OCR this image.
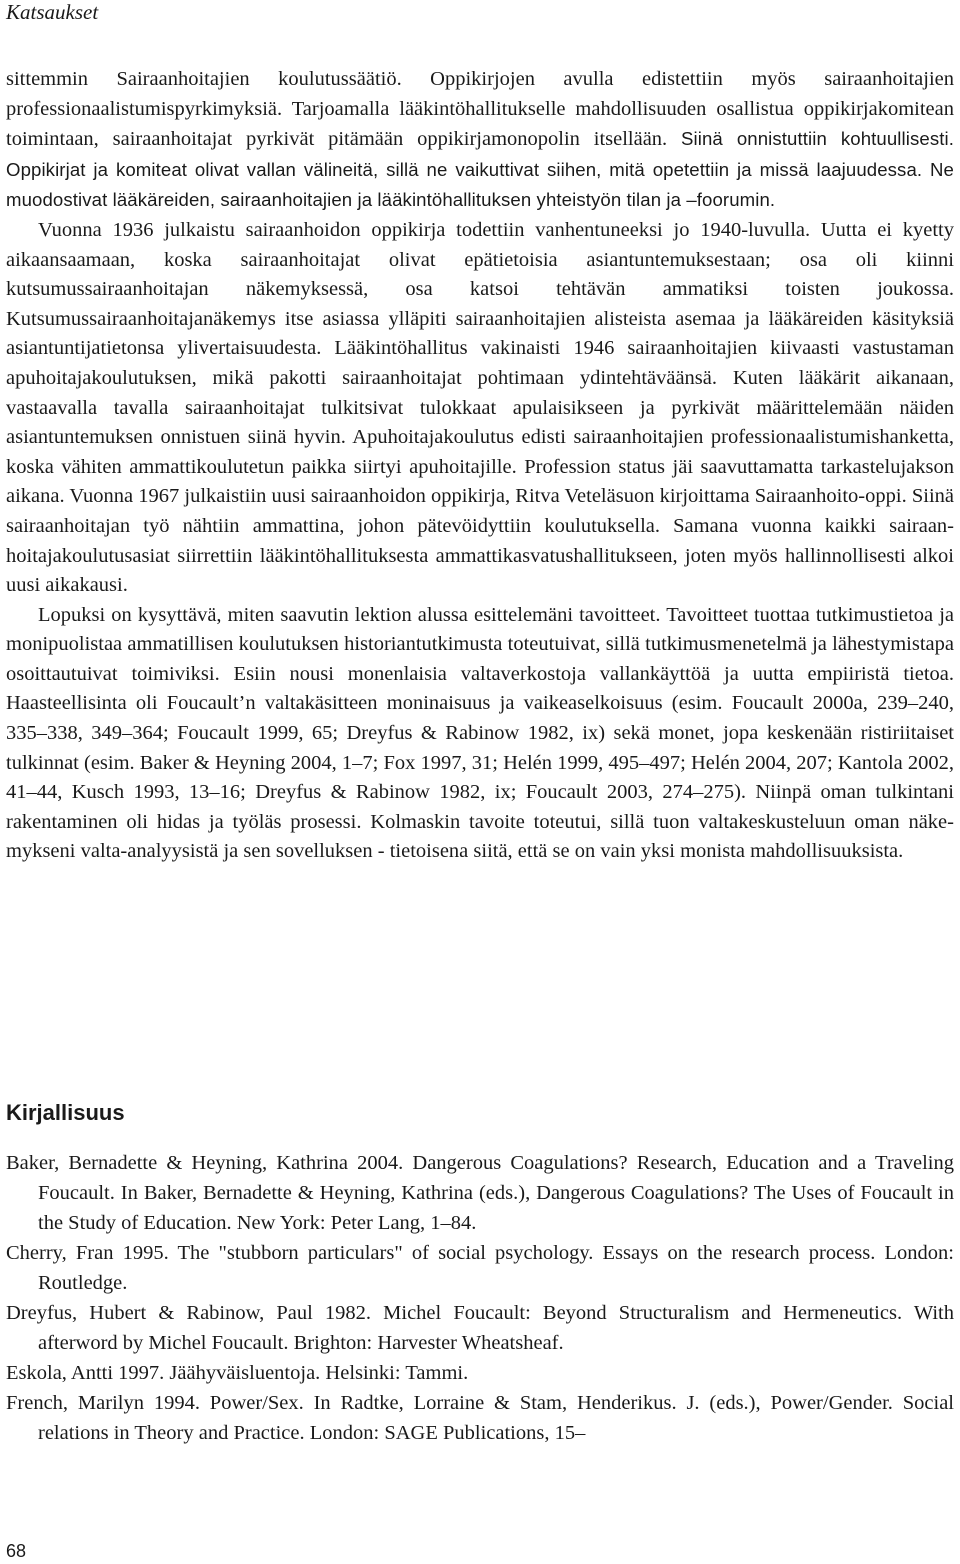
Katsaukset

sittemmin Sairaanhoitajien koulutussäätiö. Oppikirjojen avulla edistettiin myös sairaanhoitajien professionaalistumispyrkimyksiä. Tarjoamalla lääkintöhallitukselle mahdollisuuden osallistua oppikirjakomitean toimintaan, sairaanhoitajat pyrkivät pitämään oppikirjamonopolin itsellään. Siinä onnistuttiin kohtuullisesti. Oppikirjat ja komiteat olivat vallan välineitä, sillä ne vaikuttivat siihen, mitä opetettiin ja missä laajuudessa. Ne muodostivat lääkäreiden, sairaanhoitajien ja lääkintöhallituksen yhteistyön tilan ja –foorumin.

Vuonna 1936 julkaistu sairaanhoidon oppikirja todettiin vanhentuneeksi jo 1940-luvulla. Uutta ei kyetty aikaansaamaan, koska sairaanhoitajat olivat epätietoisia asiantuntemuksestaan; osa oli kiinni kutsumussairaanhoitajan näkemyksessä, osa katsoi tehtävän ammatiksi toisten joukossa. Kutsumussairaanhoitajanäkemys itse asiassa ylläpiti sairaanhoitajien alisteista asemaa ja lääkäreiden käsityksiä asiantuntijatietonsa ylivertaisuudesta. Lääkintöhallitus vakinaisti 1946 sairaanhoitajien kiivaasti vastustaman apuhoitajakoulutuksen, mikä pakotti sairaanhoitajat pohtimaan ydintehtäväänsä. Kuten lääkärit aikanaan, vastaavalla tavalla sairaanhoitajat tulkitsivat tulokkaat apulaisikseen ja pyrkivät määrittelemään näiden asiantuntemuksen onnistuen siinä hyvin. Apuhoitajakoulutus edisti sairaanhoitajien professionaalistumishanketta, koska vähiten ammattikoulutetun paikka siirtyi apuhoitajille. Profession status jäi saavuttamatta tarkastelujakson aikana. Vuonna 1967 julkaistiin uusi sairaanhoidon oppikirja, Ritva Veteläsuon kirjoittama Sairaanhoito-oppi. Siinä sairaanhoitajan työ nähtiin ammattina, johon pätevöidyttiin koulutuksella. Samana vuonna kaikki sairaanhoitajakoulutusasiat siirrettiin lääkintöhallituksesta ammattikasvatushallitukseen, joten myös hallinnollisesti alkoi uusi aikakausi.

Lopuksi on kysyttävä, miten saavutin lektion alussa esittelemäni tavoitteet. Tavoitteet tuottaa tutkimustietoa ja monipuolistaa ammatillisen koulutuksen historiantutkimusta toteutuivat, sillä tutkimusmenetelmä ja lähestymistapa osoittautuivat toimiviksi. Esiin nousi monenlaisia valtaverkostoja vallankäyttöä ja uutta empiiristä tietoa. Haasteellisinta oli Foucault’n valtakäsitteen moninaisuus ja vaikeaselkoisuus (esim. Foucault 2000a, 239–240, 335–338, 349–364; Foucault 1999, 65; Dreyfus & Rabinow 1982, ix) sekä monet, jopa keskenään ristiriitaiset tulkinnat (esim. Baker & Heyning 2004, 1–7; Fox 1997, 31; Helén 1999, 495–497; Helén 2004, 207; Kantola 2002, 41–44, Kusch 1993, 13–16; Dreyfus & Rabinow 1982, ix; Foucault 2003, 274–275). Niinpä oman tulkintani rakentaminen oli hidas ja työläs prosessi. Kolmaskin tavoite toteutui, sillä tuon valtakeskusteluun oman näkemykseni valta-analyysistä ja sen sovelluksen - tietoisena siitä, että se on vain yksi monista mahdollisuuksista.

Kirjallisuus
Baker, Bernadette & Heyning, Kathrina 2004. Dangerous Coagulations? Research, Education and a Traveling Foucault. In Baker, Bernadette & Heyning, Kathrina (eds.), Dangerous Coagulations? The Uses of Foucault in the Study of Education. New York: Peter Lang, 1–84.
Cherry, Fran 1995. The "stubborn particulars" of social psychology. Essays on the research process. London: Routledge.
Dreyfus, Hubert & Rabinow, Paul 1982. Michel Foucault: Beyond Structuralism and Hermeneutics. With afterword by Michel Foucault. Brighton: Harvester Wheatsheaf.
Eskola, Antti 1997. Jäähyväisluentoja. Helsinki: Tammi.
French, Marilyn 1994. Power/Sex. In Radtke, Lorraine & Stam, Henderikus. J. (eds.), Power/Gender. Social relations in Theory and Practice. London: SAGE Publications, 15–
68
